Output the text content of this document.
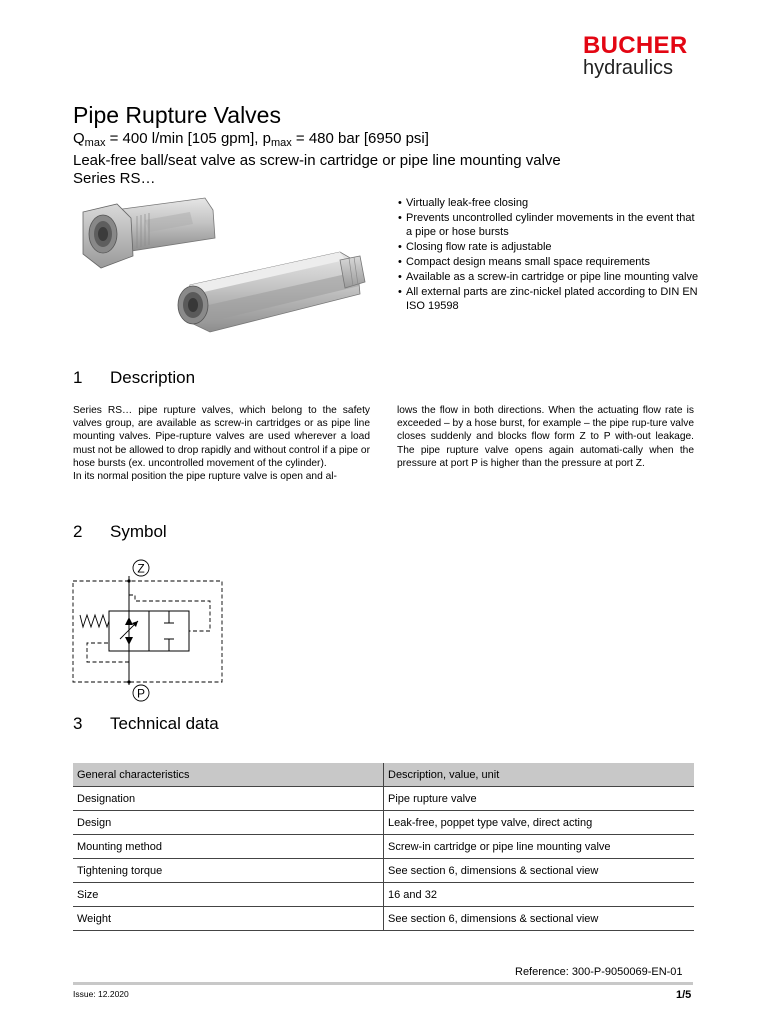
BUCHER
hydraulics
Pipe Rupture Valves
$Q_{max} = 400$ l/min [105 gpm], $p_{max} = 480$ bar [6950 psi]
Leak-free ball/seat valve as screw-in cartridge or pipe line mounting valve
Series RS…
• Virtually leak-free closing
• Prevents uncontrolled cylinder movements in the event that a pipe or hose bursts
• Closing flow rate is adjustable
• Compact design means small space requirements
• Available as a screw-in cartridge or pipe line mounting valve
• All external parts are zinc-nickel plated according to DIN EN ISO 19598
1 Description

Series RS… pipe rupture valves, which belong to the safety valves group, are available as screw-in cartridges or as pipe line mounting valves. Pipe-rupture valves are used wherever a load must not be allowed to drop rapidly and without control if a pipe or hose bursts (ex. uncontrolled movement of the cylinder).

In its normal position the pipe rupture valve is open and al-

lows the flow in both directions. When the actuating flow rate is exceeded – by a hose burst, for example – the pipe rup-ture valve closes suddenly and blocks flow form Z to P with-out leakage. The pipe rupture valve opens again automati-cally when the pressure at port P is higher than the pressure at port Z.

2 Symbol
Z
P
3 Technical data
General characteristics	Description, value, unit
Designation	Pipe rupture valve
Design	Leak-free, poppet type valve, direct acting
Mounting method	Screw-in cartridge or pipe line mounting valve
Tightening torque	See section 6, dimensions & sectional view
Size	16 and 32
Weight	See section 6, dimensions & sectional view
Reference: 300-P-9050069-EN-01
Issue: 12.2020	1/5
